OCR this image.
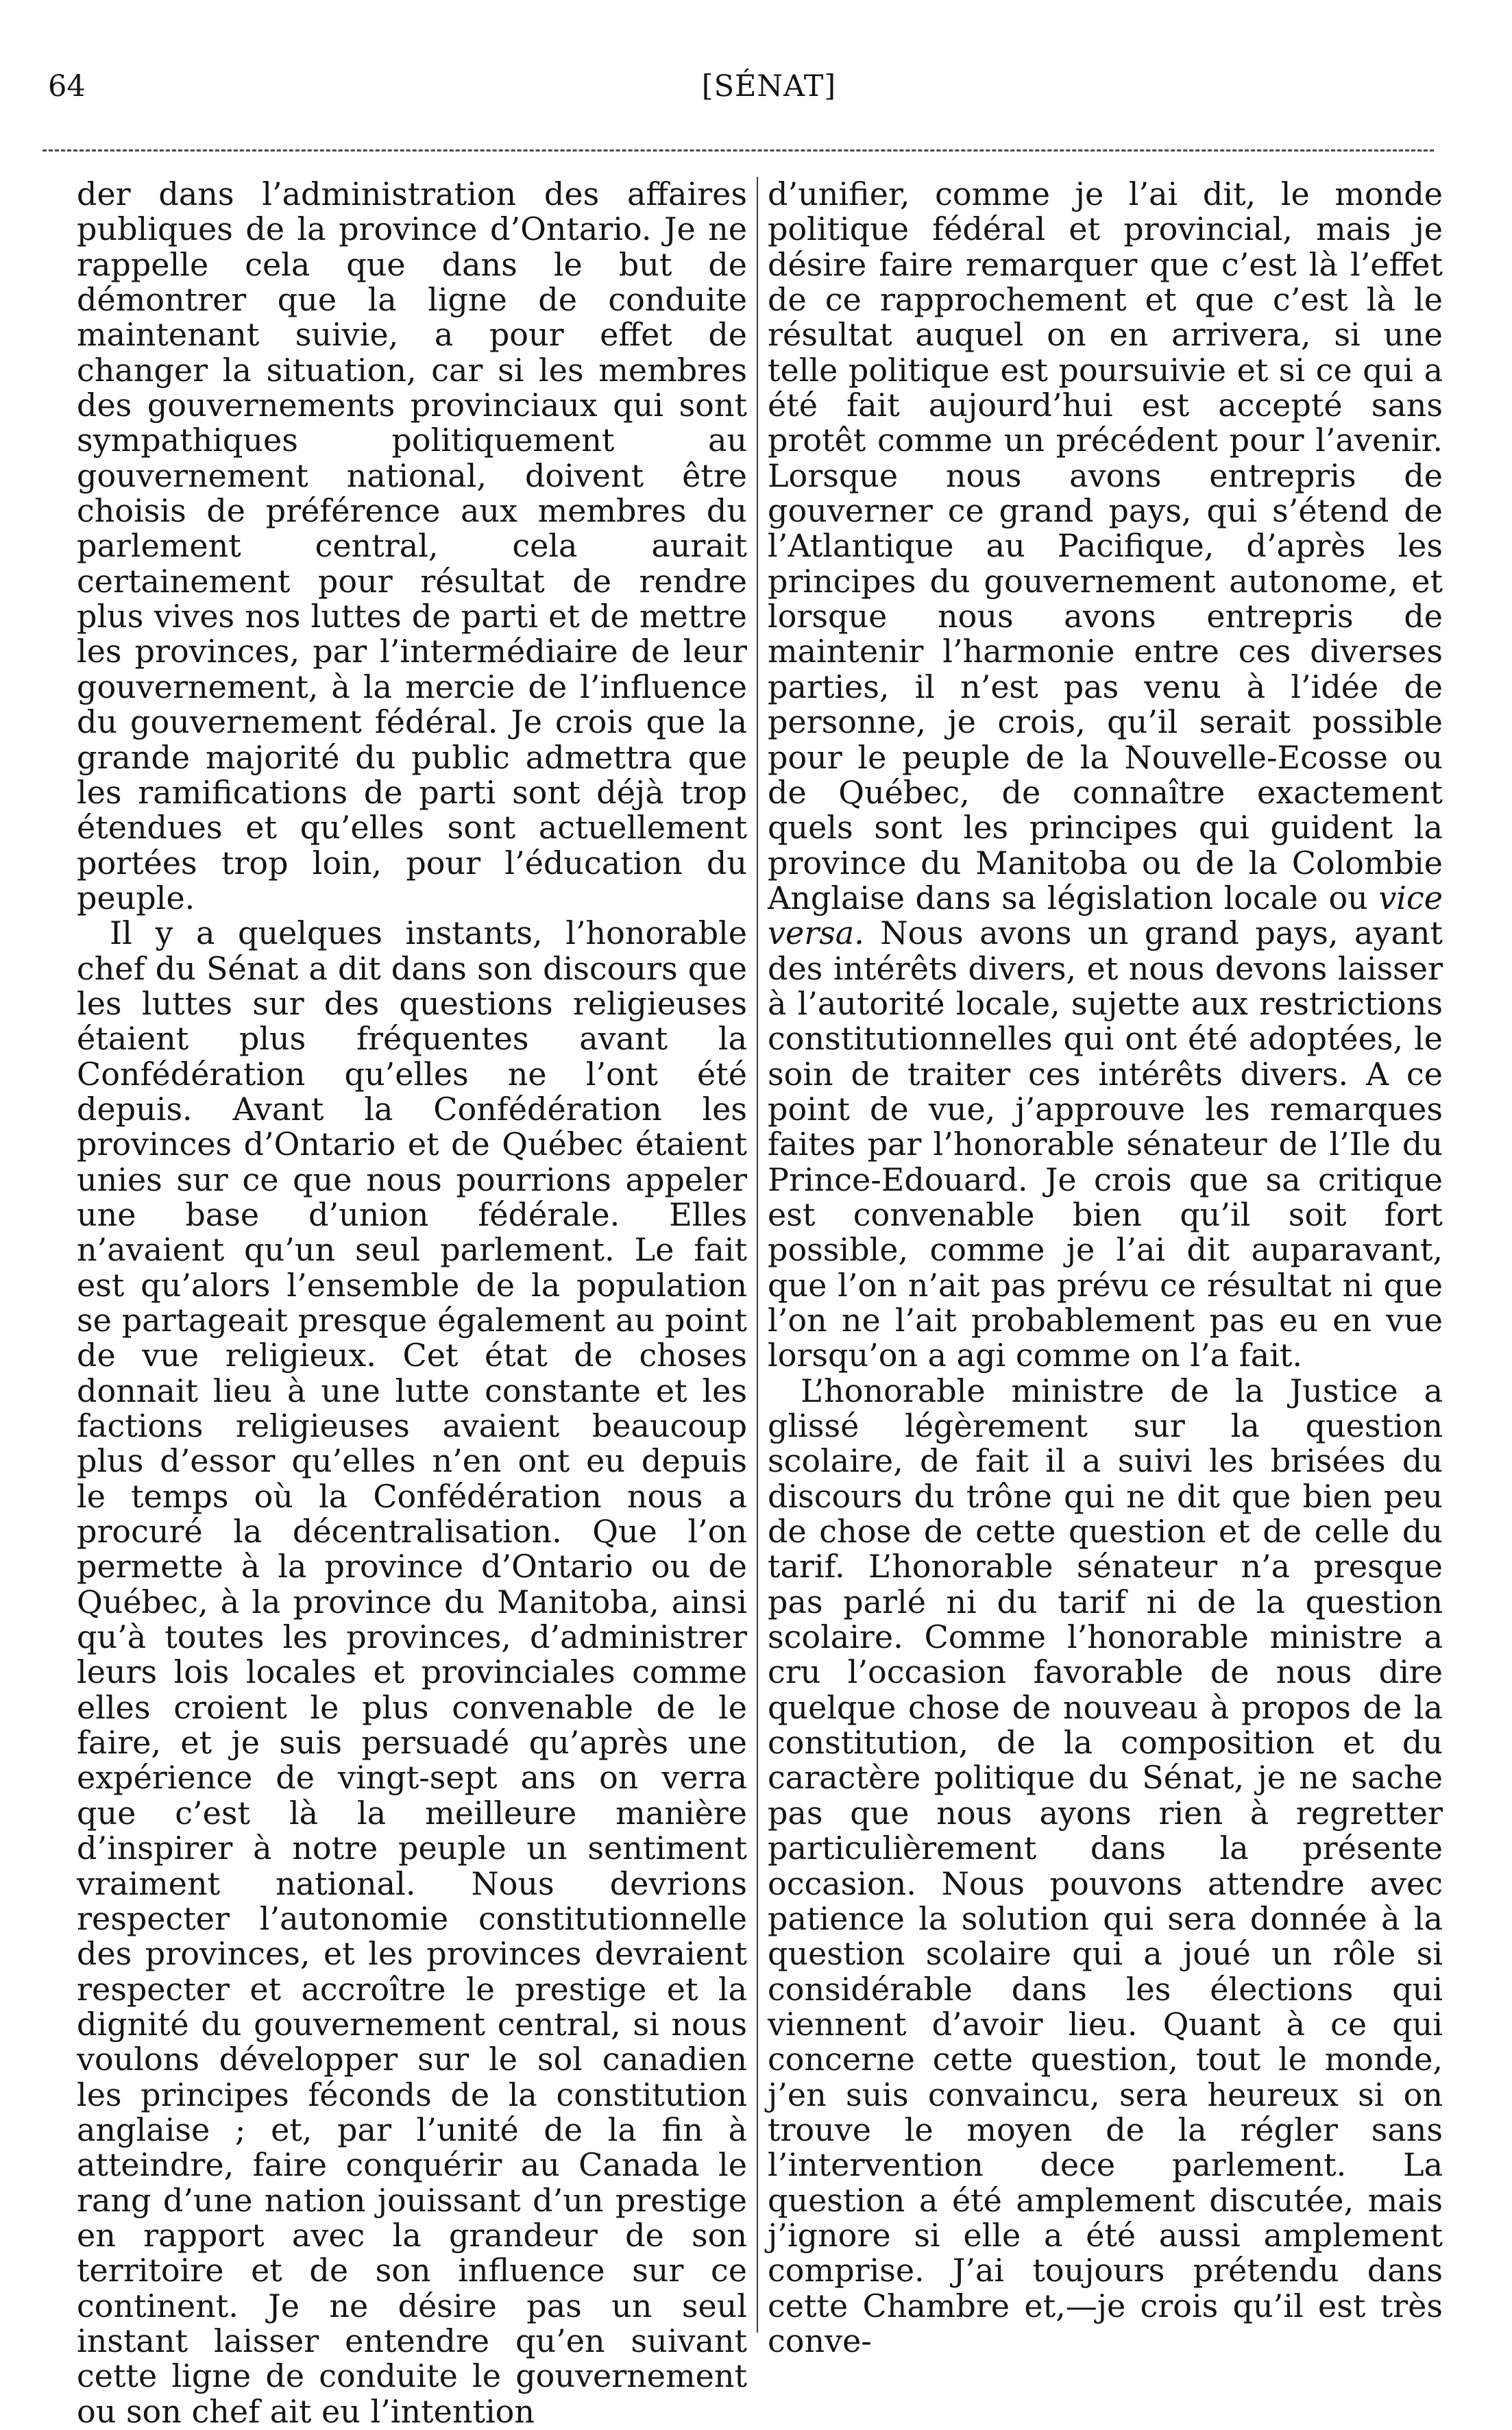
64	[SÉNAT]

der dans l’administration des affaires publiques de la province d’Ontario. Je ne rappelle cela que dans le but de démontrer que la ligne de conduite maintenant suivie, a pour effet de changer la situation, car si les membres des gouvernements provinciaux qui sont sympathiques politiquement au gouvernement national, doivent être choisis de préférence aux membres du parlement central, cela aurait certainement pour résultat de rendre plus vives nos luttes de parti et de mettre les provinces, par l’intermédiaire de leur gouvernement, à la mercie de l’influence du gouvernement fédéral. Je crois que la grande majorité du public admettra que les ramifications de parti sont déjà trop étendues et qu’elles sont actuellement portées trop loin, pour l’éducation du peuple.

Il y a quelques instants, l’honorable chef du Sénat a dit dans son discours que les luttes sur des questions religieuses étaient plus fréquentes avant la Confédération qu’elles ne l’ont été depuis. Avant la Confédération les provinces d’Ontario et de Québec étaient unies sur ce que nous pourrions appeler une base d’union fédérale. Elles n’avaient qu’un seul parlement. Le fait est qu’alors l’ensemble de la population se partageait presque également au point de vue religieux. Cet état de choses donnait lieu à une lutte constante et les factions religieuses avaient beaucoup plus d’essor qu’elles n’en ont eu depuis le temps où la Confédération nous a procuré la décentralisation. Que l’on permette à la province d’Ontario ou de Québec, à la province du Manitoba, ainsi qu’à toutes les provinces, d’administrer leurs lois locales et provinciales comme elles croient le plus convenable de le faire, et je suis persuadé qu’après une expérience de vingt-sept ans on verra que c’est là la meilleure manière d’inspirer à notre peuple un sentiment vraiment national. Nous devrions respecter l’autonomie constitutionnelle des provinces, et les provinces devraient respecter et accroître le prestige et la dignité du gouvernement central, si nous voulons développer sur le sol canadien les principes féconds de la constitution anglaise ; et, par l’unité de la fin à atteindre, faire conquérir au Canada le rang d’une nation jouissant d’un prestige en rapport avec la grandeur de son territoire et de son influence sur ce continent. Je ne désire pas un seul instant laisser entendre qu’en suivant cette ligne de conduite le gouvernement ou son chef ait eu l’intention

d’unifier, comme je l’ai dit, le monde politique fédéral et provincial, mais je désire faire remarquer que c’est là l’effet de ce rapprochement et que c’est là le résultat auquel on en arrivera, si une telle politique est poursuivie et si ce qui a été fait aujourd’hui est accepté sans protêt comme un précédent pour l’avenir. Lorsque nous avons entrepris de gouverner ce grand pays, qui s’étend de l’Atlantique au Pacifique, d’après les principes du gouvernement autonome, et lorsque nous avons entrepris de maintenir l’harmonie entre ces diverses parties, il n’est pas venu à l’idée de personne, je crois, qu’il serait possible pour le peuple de la Nouvelle-Ecosse ou de Québec, de connaître exactement quels sont les principes qui guident la province du Manitoba ou de la Colombie Anglaise dans sa législation locale ou vice versa. Nous avons un grand pays, ayant des intérêts divers, et nous devons laisser à l’autorité locale, sujette aux restrictions constitutionnelles qui ont été adoptées, le soin de traiter ces intérêts divers. A ce point de vue, j’approuve les remarques faites par l’honorable sénateur de l’Ile du Prince-Edouard. Je crois que sa critique est convenable bien qu’il soit fort possible, comme je l’ai dit auparavant, que l’on n’ait pas prévu ce résultat ni que l’on ne l’ait probablement pas eu en vue lorsqu’on a agi comme on l’a fait.

L’honorable ministre de la Justice a glissé légèrement sur la question scolaire, de fait il a suivi les brisées du discours du trône qui ne dit que bien peu de chose de cette question et de celle du tarif. L’honorable sénateur n’a presque pas parlé ni du tarif ni de la question scolaire. Comme l’honorable ministre a cru l’occasion favorable de nous dire quelque chose de nouveau à propos de la constitution, de la composition et du caractère politique du Sénat, je ne sache pas que nous ayons rien à regretter particulièrement dans la présente occasion. Nous pouvons attendre avec patience la solution qui sera donnée à la question scolaire qui a joué un rôle si considérable dans les élections qui viennent d’avoir lieu. Quant à ce qui concerne cette question, tout le monde, j’en suis convaincu, sera heureux si on trouve le moyen de la régler sans l’intervention dece parlement. La question a été amplement discutée, mais j’ignore si elle a été aussi amplement comprise. J’ai toujours prétendu dans cette Chambre et,—je crois qu’il est très conve-
